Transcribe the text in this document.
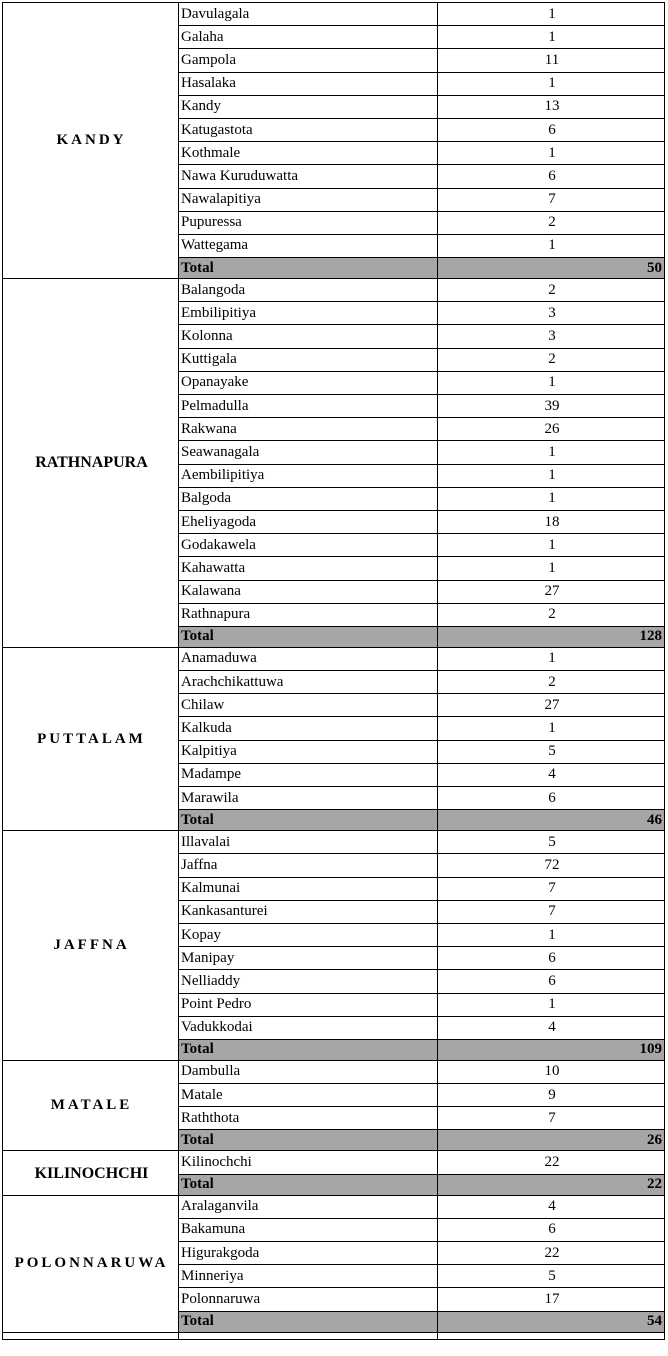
KANDY	Davulagala	1
	Galaha	1
	Gampola	11
	Hasalaka	1
	Kandy	13
	Katugastota	6
	Kothmale	1
	Nawa Kuruduwatta	6
	Nawalapitiya	7
	Pupuressa	2
	Wattegama	1
	Total	50
RATHNAPURA	Balangoda	2
	Embilipitiya	3
	Kolonna	3
	Kuttigala	2
	Opanayake	1
	Pelmadulla	39
	Rakwana	26
	Seawanagala	1
	Aembilipitiya	1
	Balgoda	1
	Eheliyagoda	18
	Godakawela	1
	Kahawatta	1
	Kalawana	27
	Rathnapura	2
	Total	128
PUTTALAM	Anamaduwa	1
	Arachchikattuwa	2
	Chilaw	27
	Kalkuda	1
	Kalpitiya	5
	Madampe	4
	Marawila	6
	Total	46
JAFFNA	Illavalai	5
	Jaffna	72
	Kalmunai	7
	Kankasanturei	7
	Kopay	1
	Manipay	6
	Nelliaddy	6
	Point Pedro	1
	Vadukkodai	4
	Total	109
MATALE	Dambulla	10
	Matale	9
	Raththota	7
	Total	26
KILINOCHCHI	Kilinochchi	22
	Total	22
POLONNARUWA	Aralaganvila	4
	Bakamuna	6
	Higurakgoda	22
	Minneriya	5
	Polonnaruwa	17
	Total	54
